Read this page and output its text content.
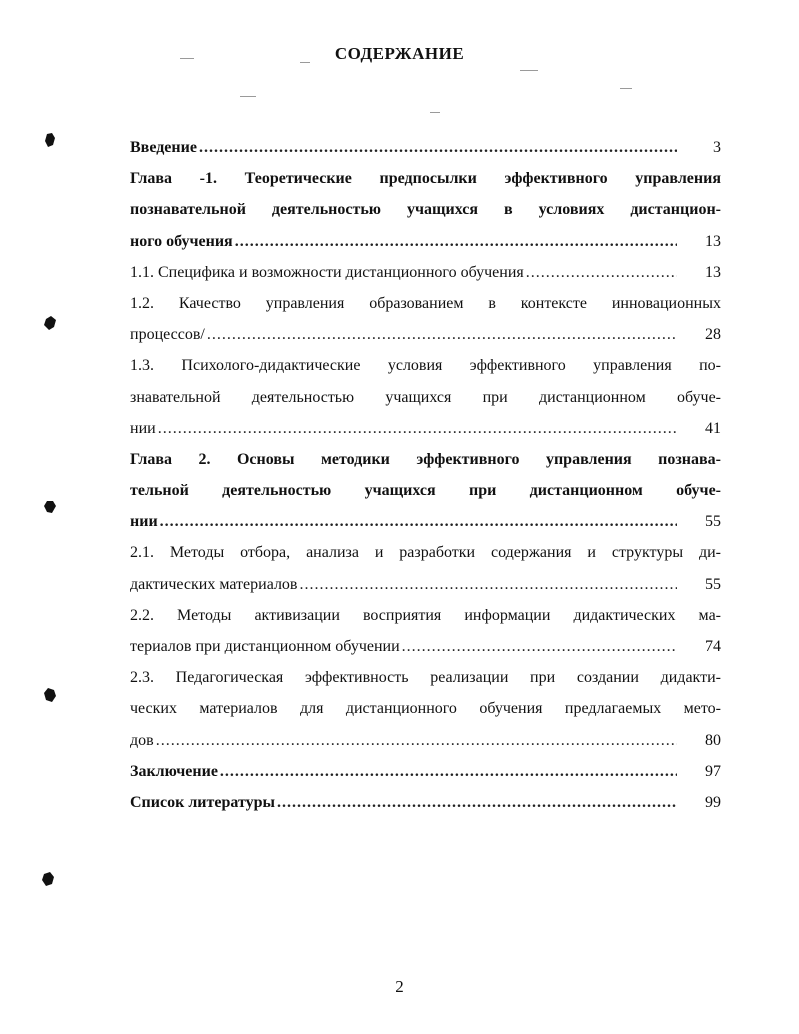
СОДЕРЖАНИЕ
Введение .....	3
Глава -1. Теоретические предпосылки эффективного управления
познавательной деятельностью учащихся в условиях дистанцион-
ного обучения .....	13
1.1. Специфика и возможности дистанционного обучения .....	13
1.2. Качество управления образованием в контексте инновационных
процессов/ .....	28
1.3. Психолого-дидактические условия эффективного управления по-
знавательной деятельностью учащихся при дистанционном обуче-
нии .....	41
Глава 2. Основы методики эффективного управления познава-
тельной деятельностью учащихся при дистанционном обуче-
нии .....	55
2.1. Методы отбора, анализа и разработки содержания и структуры ди-
дактических материалов .....	55
2.2. Методы активизации восприятия информации дидактических ма-
териалов при дистанционном обучении .....	74
2.3. Педагогическая эффективность реализации при создании дидакти-
ческих материалов для дистанционного обучения предлагаемых мето-
дов .....	80
Заключение .....	97
Список литературы .....	99
2
